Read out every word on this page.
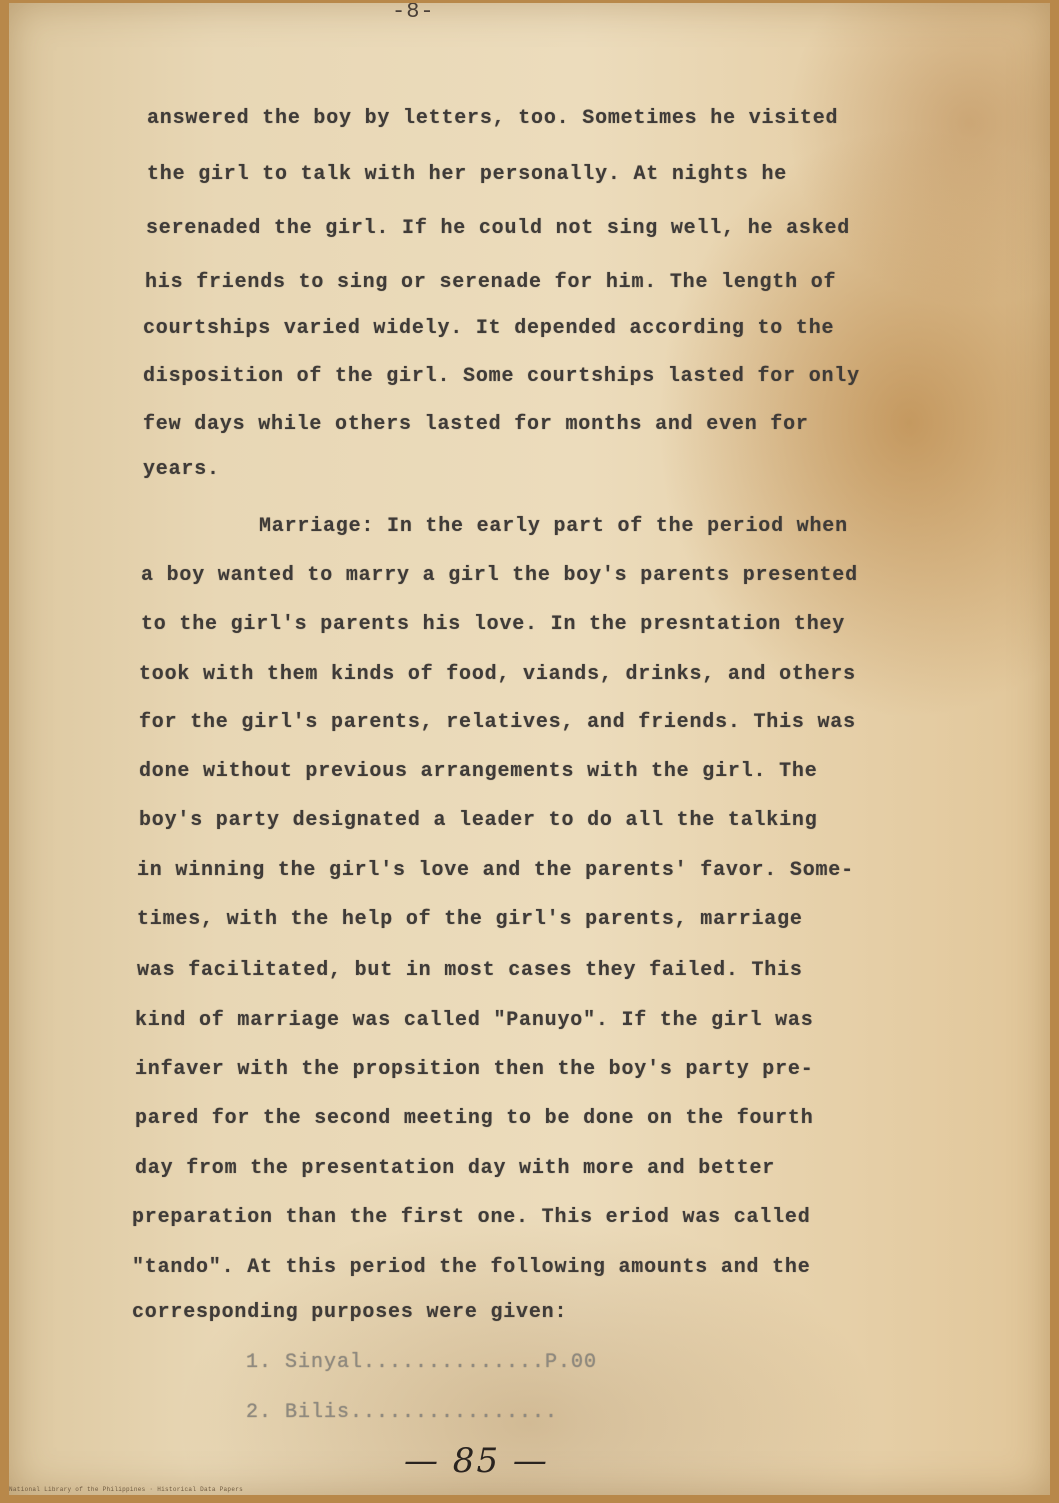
-8-
answered the boy by letters, too. Sometimes he visited
the girl to talk with her personally. At nights he
serenaded the girl. If he could not sing well, he asked
his friends to sing or serenade for him. The length of
courtships varied widely. It depended according to the
disposition of the girl. Some courtships lasted for only
few days while others lasted for months and even for
years.
Marriage: In the early part of the period when
a boy wanted to marry a girl the boy's parents presented
to the girl's parents his love. In the presntation they
took with them kinds of food, viands, drinks, and others
for the girl's parents, relatives, and friends. This was
done without previous arrangements with the girl. The
boy's party designated a leader to do all the talking
in winning the girl's love and the parents' favor. Some-
times, with the help of the girl's parents, marriage
was facilitated, but in most cases they failed. This
kind of marriage was called "Panuyo". If the girl was
infaver with the propsition then the boy's party pre-
pared for the second meeting to be done on the fourth
day from the presentation day with more and better
preparation than the first one. This eriod was called
"tando". At this period the following amounts and the
corresponding purposes were given:
1. Sinyal..............P.00
2. Bilis................
— 85 —
National Library of the Philippines · Historical Data Papers
